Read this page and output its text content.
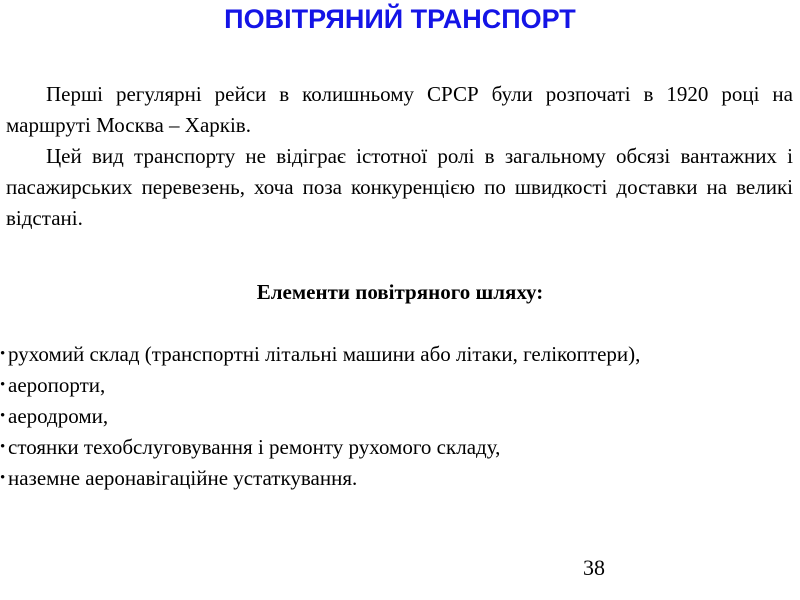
ПОВІТРЯНИЙ ТРАНСПОРТ

Перші регулярні рейси в колишньому СРСР були розпочаті в 1920 році на маршруті Москва – Харків.

Цей вид транспорту не відіграє істотної ролі в загальному обсязі вантажних і пасажирських перевезень, хоча поза конкуренцією по швидкості доставки на великі відстані.

Елементи повітряного шляху:
• рухомий склад (транспортні літальні машини або літаки, гелікоптери),
• аеропорти,
• аеродроми,
• стоянки техобслуговування і ремонту рухомого складу,
• наземне аеронавігаційне устаткування.
38
